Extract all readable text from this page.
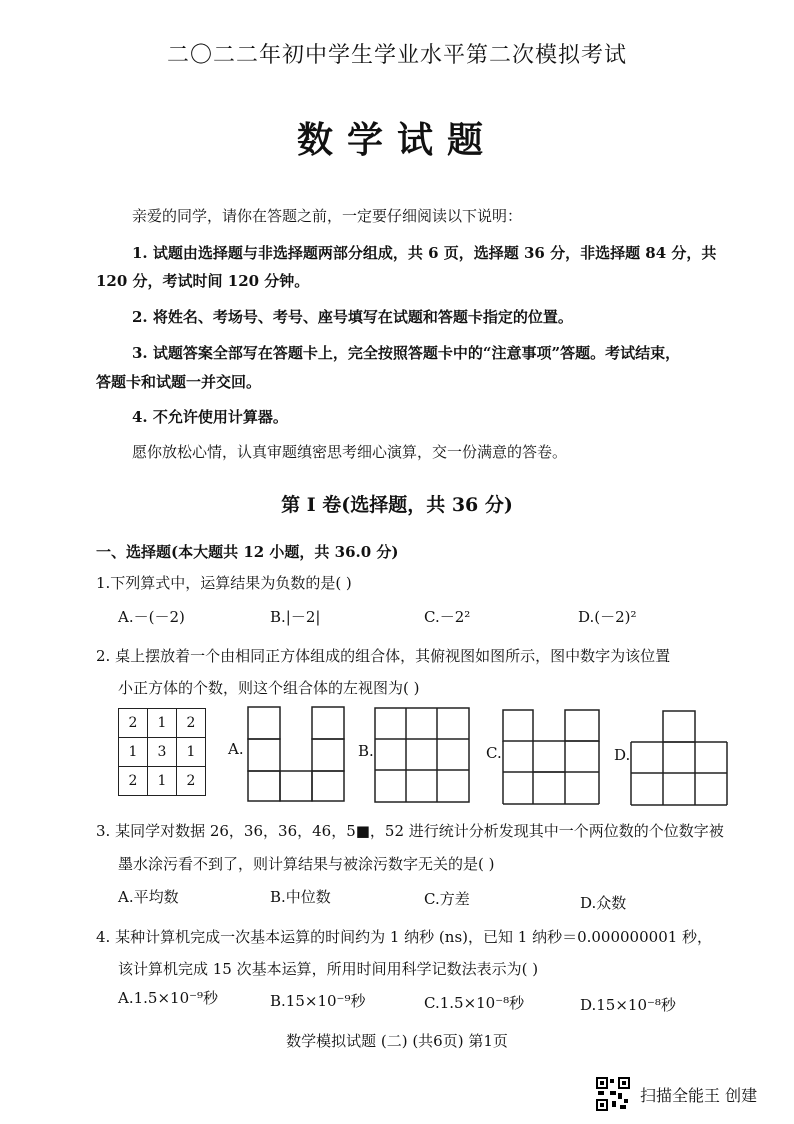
二〇二二年初中学生学业水平第二次模拟考试
数学试题
亲爱的同学，请你在答题之前，一定要仔细阅读以下说明：
1. 试题由选择题与非选择题两部分组成，共 6 页，选择题 36 分，非选择题 84 分，共
120 分，考试时间 120 分钟。
2. 将姓名、考场号、考号、座号填写在试题和答题卡指定的位置。
3. 试题答案全部写在答题卡上，完全按照答题卡中的“注意事项”答题。考试结束，
答题卡和试题一并交回。
4. 不允许使用计算器。
愿你放松心情，认真审题缜密思考细心演算，交一份满意的答卷。
第 I 卷(选择题，共 36 分)
一、选择题(本大题共 12 小题，共 36.0 分)
1.下列算式中，运算结果为负数的是( )
A.－(－2)	B.|－2|	C.－2²	D.(－2)²
2. 桌上摆放着一个由相同正方体组成的组合体，其俯视图如图所示，图中数字为该位置
小正方体的个数，则这个组合体的左视图为( )
2	1	2
1	3	1
2	1	2
A.	B.	C.	D.
3. 某同学对数据 26，36，36，46，5■，52 进行统计分析发现其中一个两位数的个位数字被
墨水涂污看不到了，则计算结果与被涂污数字无关的是( )
A.平均数	B.中位数	C.方差	D.众数
4. 某种计算机完成一次基本运算的时间约为 1 纳秒 (ns)，已知 1 纳秒＝0.000000001 秒，
该计算机完成 15 次基本运算，所用时间用科学记数法表示为( )
A.1.5×10⁻⁹秒	B.15×10⁻⁹秒	C.1.5×10⁻⁸秒	D.15×10⁻⁸秒
数学模拟试题 (二) (共6页) 第1页
扫描全能王 创建
